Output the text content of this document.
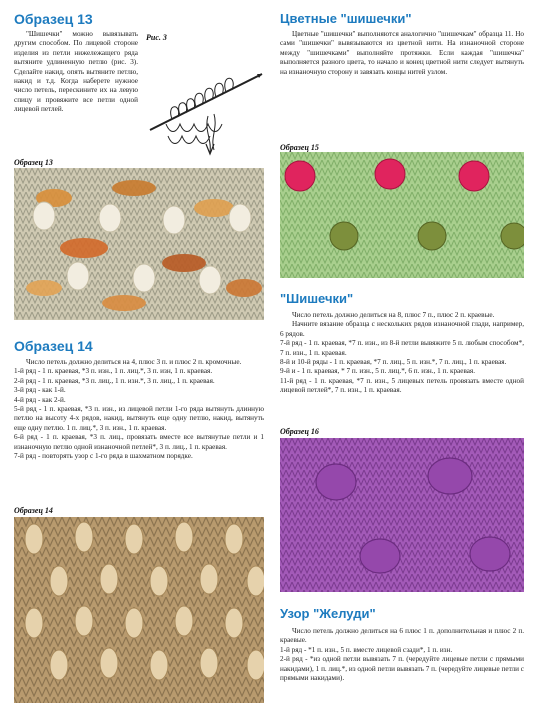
Образец 13
"Шишечки" можно вывязывать другим способом. По лицевой стороне изделия из петли нижележащего ряда вытяните удлиненную петлю (рис. 3). Сделайте накид, опять вытяните петлю, накид и т.д. Когда наберете нужное число петель, перескините их на левую спицу и провяжите все петли одной лицевой петлей.
Рис. 3
Образец 13
Образец 14

Число петель должно делиться на 4, плюс 3 п. и плюс 2 п. кромочные.

1-й ряд - 1 п. краевая, *3 п. изн., 1 п. лиц.*, 3 п. изн, 1 п. краевая.

2-й ряд - 1 п. краевая, *3 п. лиц., 1 п. изн.*, 3 п. лиц., 1 п. краевая.

3-й ряд - как 1-й.

4-й ряд - как 2-й.

5-й ряд - 1 п. краевая, *3 п. изн., из лицевой петли 1-го ряда вытянуть длинную петлю на высоту 4-х рядов, накид, вытянуть еще одну петлю, накид, вытянуть еще одну петлю. 1 п. лиц.*, 3 п. изн., 1 п. краевая.

6-й ряд - 1 п. краевая, *3 п. лиц., провязать вместе все вытянутые петли и 1 изнаночную петлю одной изнаночной петлей*, 3 п. лиц., 1 п. краевая.

7-й ряд - повторять узор с 1-го ряда в шахматном порядке.

Образец 14
Цветные "шишечки"
Цветные "шишечки" выполняются аналогично "шишечкам" образца 11. Но сами "шишечки" вывязываются из цветной нити. На изнаночной стороне между "шишечками" выполняйте протяжки. Если каждая "шишечка" выполняется разного цвета, то начало и конец цветной нити следует вытянуть на изнаночную сторону и завязать концы нитей узлом.
Образец 15
"Шишечки"

Число петель должно делиться на 8, плюс 7 п., плюс 2 п. краевые.

Начните вязание образца с нескольких рядов изнаночной глади, например, 6 рядов.

7-й ряд - 1 п. краевая, *7 п. изн., из 8-й петли вывяжите 5 п. любым способом*, 7 п. изн., 1 п. краевая.

8-й и 10-й ряды - 1 п. краевая, *7 п. лиц., 5 п. изн.*, 7 п. лиц., 1 п. краевая.

9-й и - 1 п. краевая, * 7 п. изн., 5 п. лиц.*, 6 п. изн., 1 п. краевая.

11-й ряд - 1 п. краевая, *7 п. изн., 5 лицевых петель провязать вместе одной лицевой петлей*, 7 п. изн., 1 п. краевая.

Образец 16
Узор "Желуди"

Число петель должно делиться на 6 плюс 1 п. дополнительная и плюс 2 п. краевые.

1-й ряд - *1 п. изн., 5 п. вместе лицевой сзади*, 1 п. изн.

2-й ряд - *из одной петли вывязать 7 п. (чередуйте лицевые петли с прямыми накидами), 1 п. лиц.*, из одной петли вывязать 7 п. (чередуйте лицевые петли с прямыми накидами).
